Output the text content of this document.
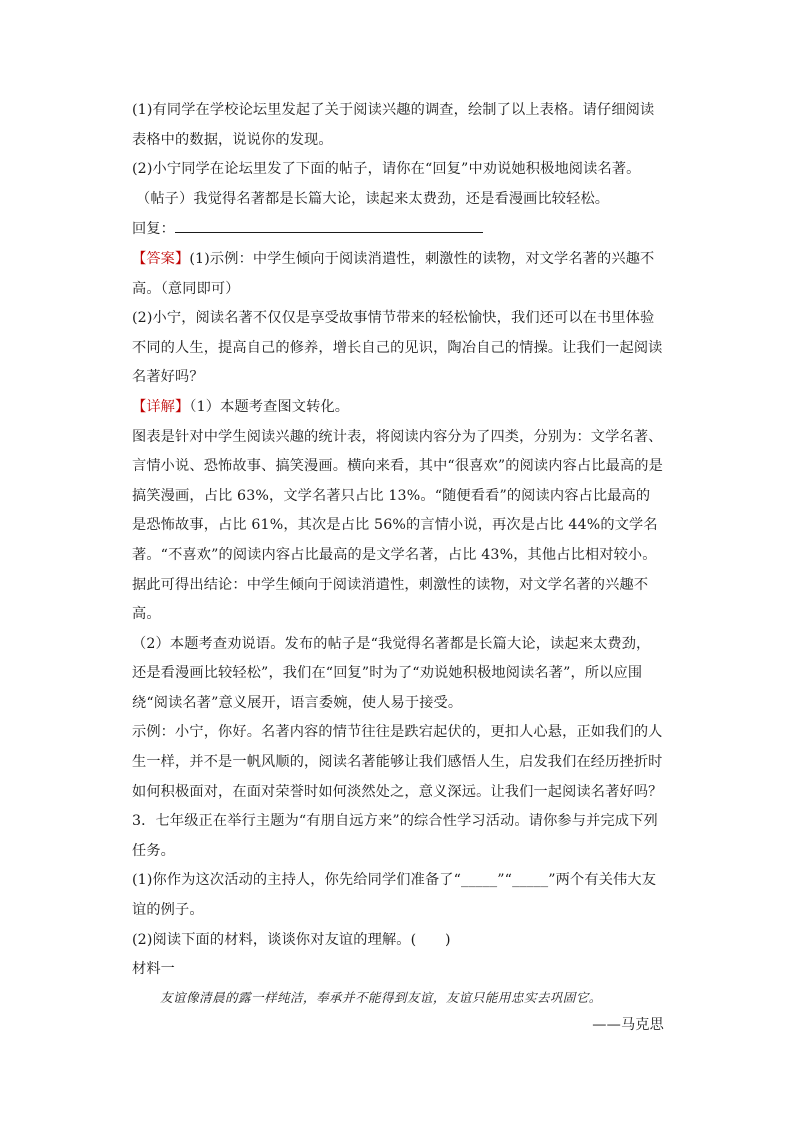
(1)有同学在学校论坛里发起了关于阅读兴趣的调查，绘制了以上表格。请仔细阅读表格中的数据，说说你的发现。

(2)小宁同学在论坛里发了下面的帖子，请你在“回复”中劝说她积极地阅读名著。

（帖子）我觉得名著都是长篇大论，读起来太费劲，还是看漫画比较轻松。

回复：

【答案】(1)示例：中学生倾向于阅读消遣性，刺激性的读物，对文学名著的兴趣不高。（意同即可）

(2)小宁，阅读名著不仅仅是享受故事情节带来的轻松愉快，我们还可以在书里体验不同的人生，提高自己的修养，增长自己的见识，陶冶自己的情操。让我们一起阅读名著好吗？

【详解】（1）本题考查图文转化。

图表是针对中学生阅读兴趣的统计表，将阅读内容分为了四类，分别为：文学名著、言情小说、恐怖故事、搞笑漫画。横向来看，其中“很喜欢”的阅读内容占比最高的是搞笑漫画，占比 63%，文学名著只占比 13%。“随便看看”的阅读内容占比最高的是恐怖故事，占比 61%，其次是占比 56%的言情小说，再次是占比 44%的文学名著。“不喜欢”的阅读内容占比最高的是文学名著，占比 43%，其他占比相对较小。据此可得出结论：中学生倾向于阅读消遣性，刺激性的读物，对文学名著的兴趣不高。

（2）本题考查劝说语。发布的帖子是“我觉得名著都是长篇大论，读起来太费劲，还是看漫画比较轻松”，我们在“回复”时为了“劝说她积极地阅读名著”，所以应围绕“阅读名著”意义展开，语言委婉，使人易于接受。

示例：小宁，你好。名著内容的情节往往是跌宕起伏的，更扣人心悬，正如我们的人生一样，并不是一帆风顺的，阅读名著能够让我们感悟人生，启发我们在经历挫折时如何积极面对，在面对荣誉时如何淡然处之，意义深远。让我们一起阅读名著好吗？

3．七年级正在举行主题为“有朋自远方来”的综合性学习活动。请你参与并完成下列任务。

(1)你作为这次活动的主持人，你先给同学们准备了“_____”“_____”两个有关伟大友谊的例子。

(2)阅读下面的材料，谈谈你对友谊的理解。(　　)

材料一

友谊像清晨的露一样纯洁，奉承并不能得到友谊，友谊只能用忠实去巩固它。

——马克思
